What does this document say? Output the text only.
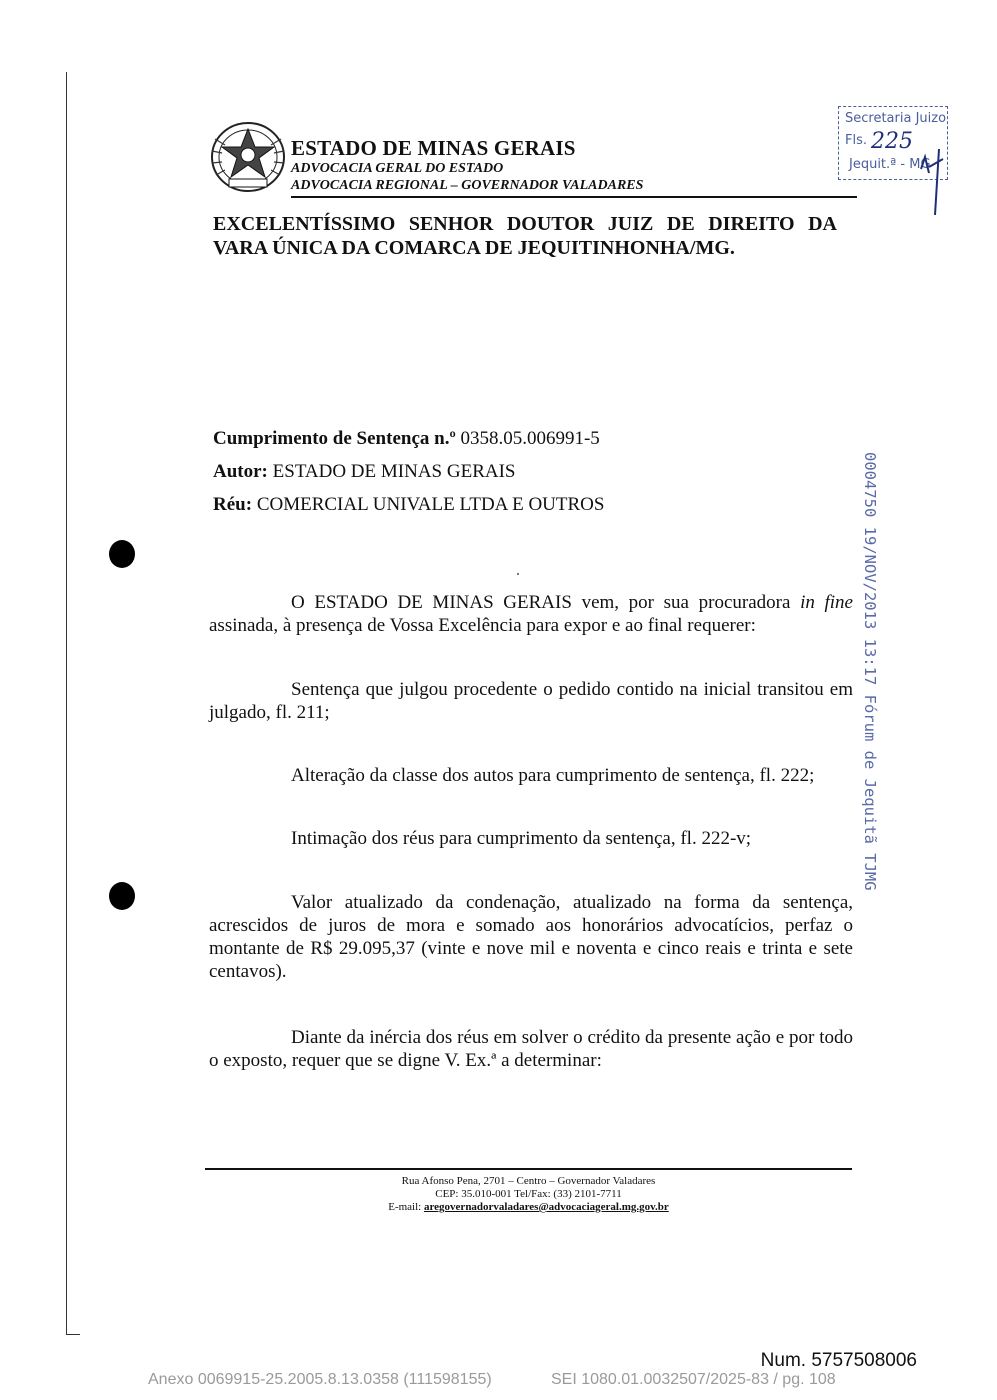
ESTADO DE MINAS GERAIS
ADVOCACIA GERAL DO ESTADO
ADVOCACIA REGIONAL – GOVERNADOR VALADARES
Secretaria Juizo
Fls. 225
Jequit.ª - MG
EXCELENTÍSSIMO SENHOR DOUTOR JUIZ DE DIREITO DA
VARA ÚNICA DA COMARCA DE JEQUITINHONHA/MG.
Cumprimento de Sentença n.º 0358.05.006991-5
Autor: ESTADO DE MINAS GERAIS
Réu: COMERCIAL UNIVALE LTDA E OUTROS	0004750 19/NOV/2013 13:17 Fórum de Jequitã TJMG
O ESTADO DE MINAS GERAIS vem, por sua procuradora in fine assinada, à presença de Vossa Excelência para expor e ao final requerer:
Sentença que julgou procedente o pedido contido na inicial transitou em julgado, fl. 211;
Alteração da classe dos autos para cumprimento de sentença, fl. 222;
Intimação dos réus para cumprimento da sentença, fl. 222-v;
Valor atualizado da condenação, atualizado na forma da sentença, acrescidos de juros de mora e somado aos honorários advocatícios, perfaz o montante de R$ 29.095,37 (vinte e nove mil e noventa e cinco reais e trinta e sete centavos).
Diante da inércia dos réus em solver o crédito da presente ação e por todo o exposto, requer que se digne V. Ex.ª a determinar:
Rua Afonso Pena, 2701 – Centro – Governador Valadares
CEP: 35.010-001 Tel/Fax: (33) 2101-7711
E-mail: aregovernadorvaladares@advocaciageral.mg.gov.br
Num. 5757508006
Anexo 0069915-25.2005.8.13.0358 (111598155)	SEI 1080.01.0032507/2025-83 / pg. 108
